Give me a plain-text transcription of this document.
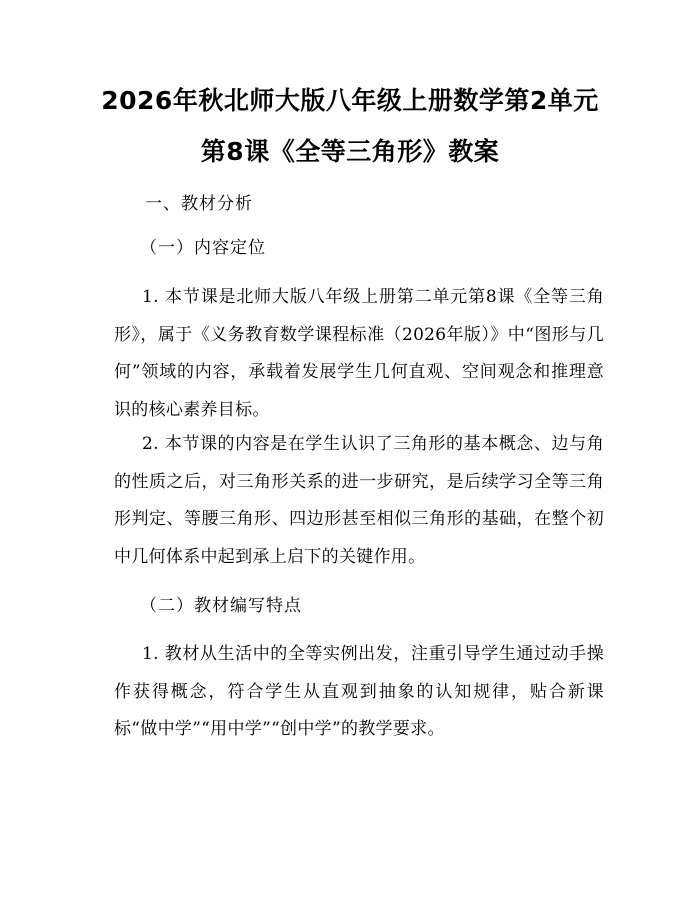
2026年秋北师大版八年级上册数学第2单元
第8课《全等三角形》教案
一、教材分析
（一）内容定位
1. 本节课是北师大版八年级上册第二单元第8课《全等三角形》，属于《义务教育数学课程标准（2026年版）》中“图形与几何”领域的内容，承载着发展学生几何直观、空间观念和推理意识的核心素养目标。
2. 本节课的内容是在学生认识了三角形的基本概念、边与角的性质之后，对三角形关系的进一步研究，是后续学习全等三角形判定、等腰三角形、四边形甚至相似三角形的基础，在整个初中几何体系中起到承上启下的关键作用。
（二）教材编写特点
1. 教材从生活中的全等实例出发，注重引导学生通过动手操作获得概念，符合学生从直观到抽象的认知规律，贴合新课标“做中学”“用中学”“创中学”的教学要求。
